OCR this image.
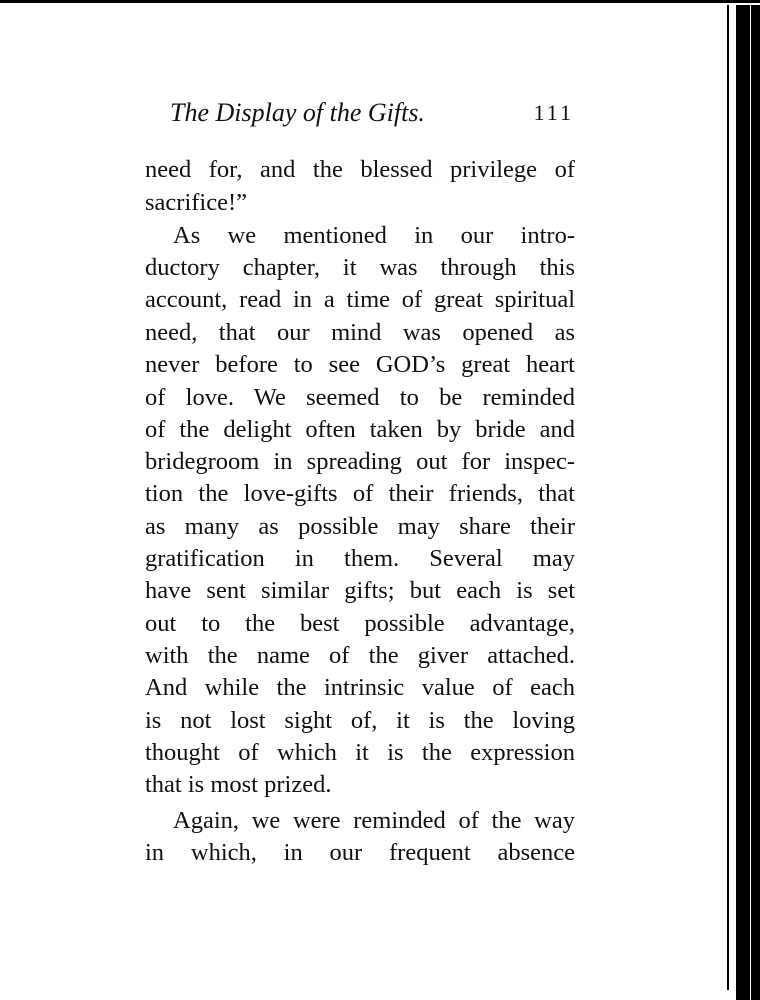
The Display of the Gifts.	111
need for, and the blessed privilege of
sacrifice!”
As we mentioned in our intro-
ductory chapter, it was through this
account, read in a time of great spiritual
need, that our mind was opened as
never before to see GOD’s great heart
of love. We seemed to be reminded
of the delight often taken by bride and
bridegroom in spreading out for inspec-
tion the love-gifts of their friends, that
as many as possible may share their
gratification in them. Several may
have sent similar gifts; but each is set
out to the best possible advantage,
with the name of the giver attached.
And while the intrinsic value of each
is not lost sight of, it is the loving
thought of which it is the expression
that is most prized.
Again, we were reminded of the way
in which, in our frequent absence
